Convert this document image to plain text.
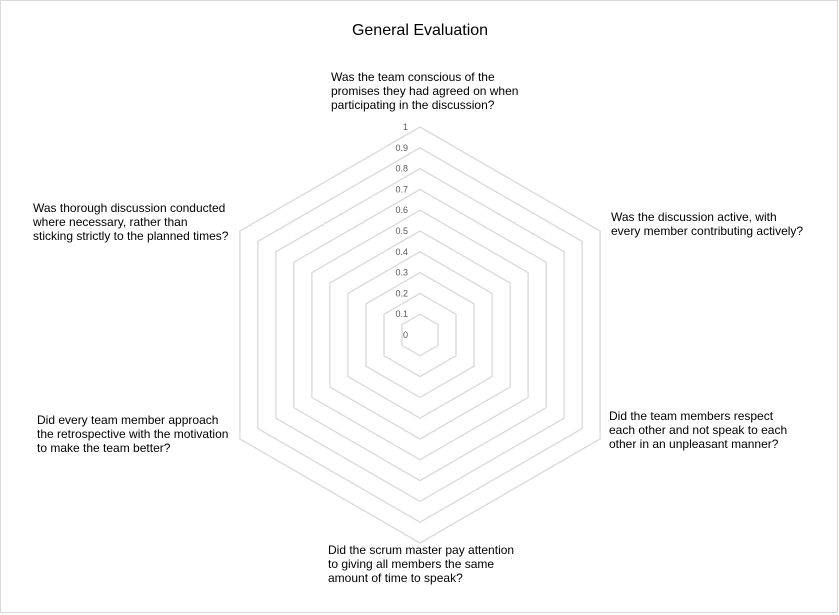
General Evaluation
0
0.1
0.2
0.3
0.4
0.5
0.6
0.7
0.8
0.9
1
Was the team conscious of the promises they had agreed on when participating in the discussion?
Was the discussion active, with every member contributing actively?
Did the team members respect each other and not speak to each other in an unpleasant manner?
Did the scrum master pay attention to giving all members the same amount of time to speak?
Did every team member approach the retrospective with the motivation to make the team better?
Was thorough discussion conducted where necessary, rather than sticking strictly to the planned times?
